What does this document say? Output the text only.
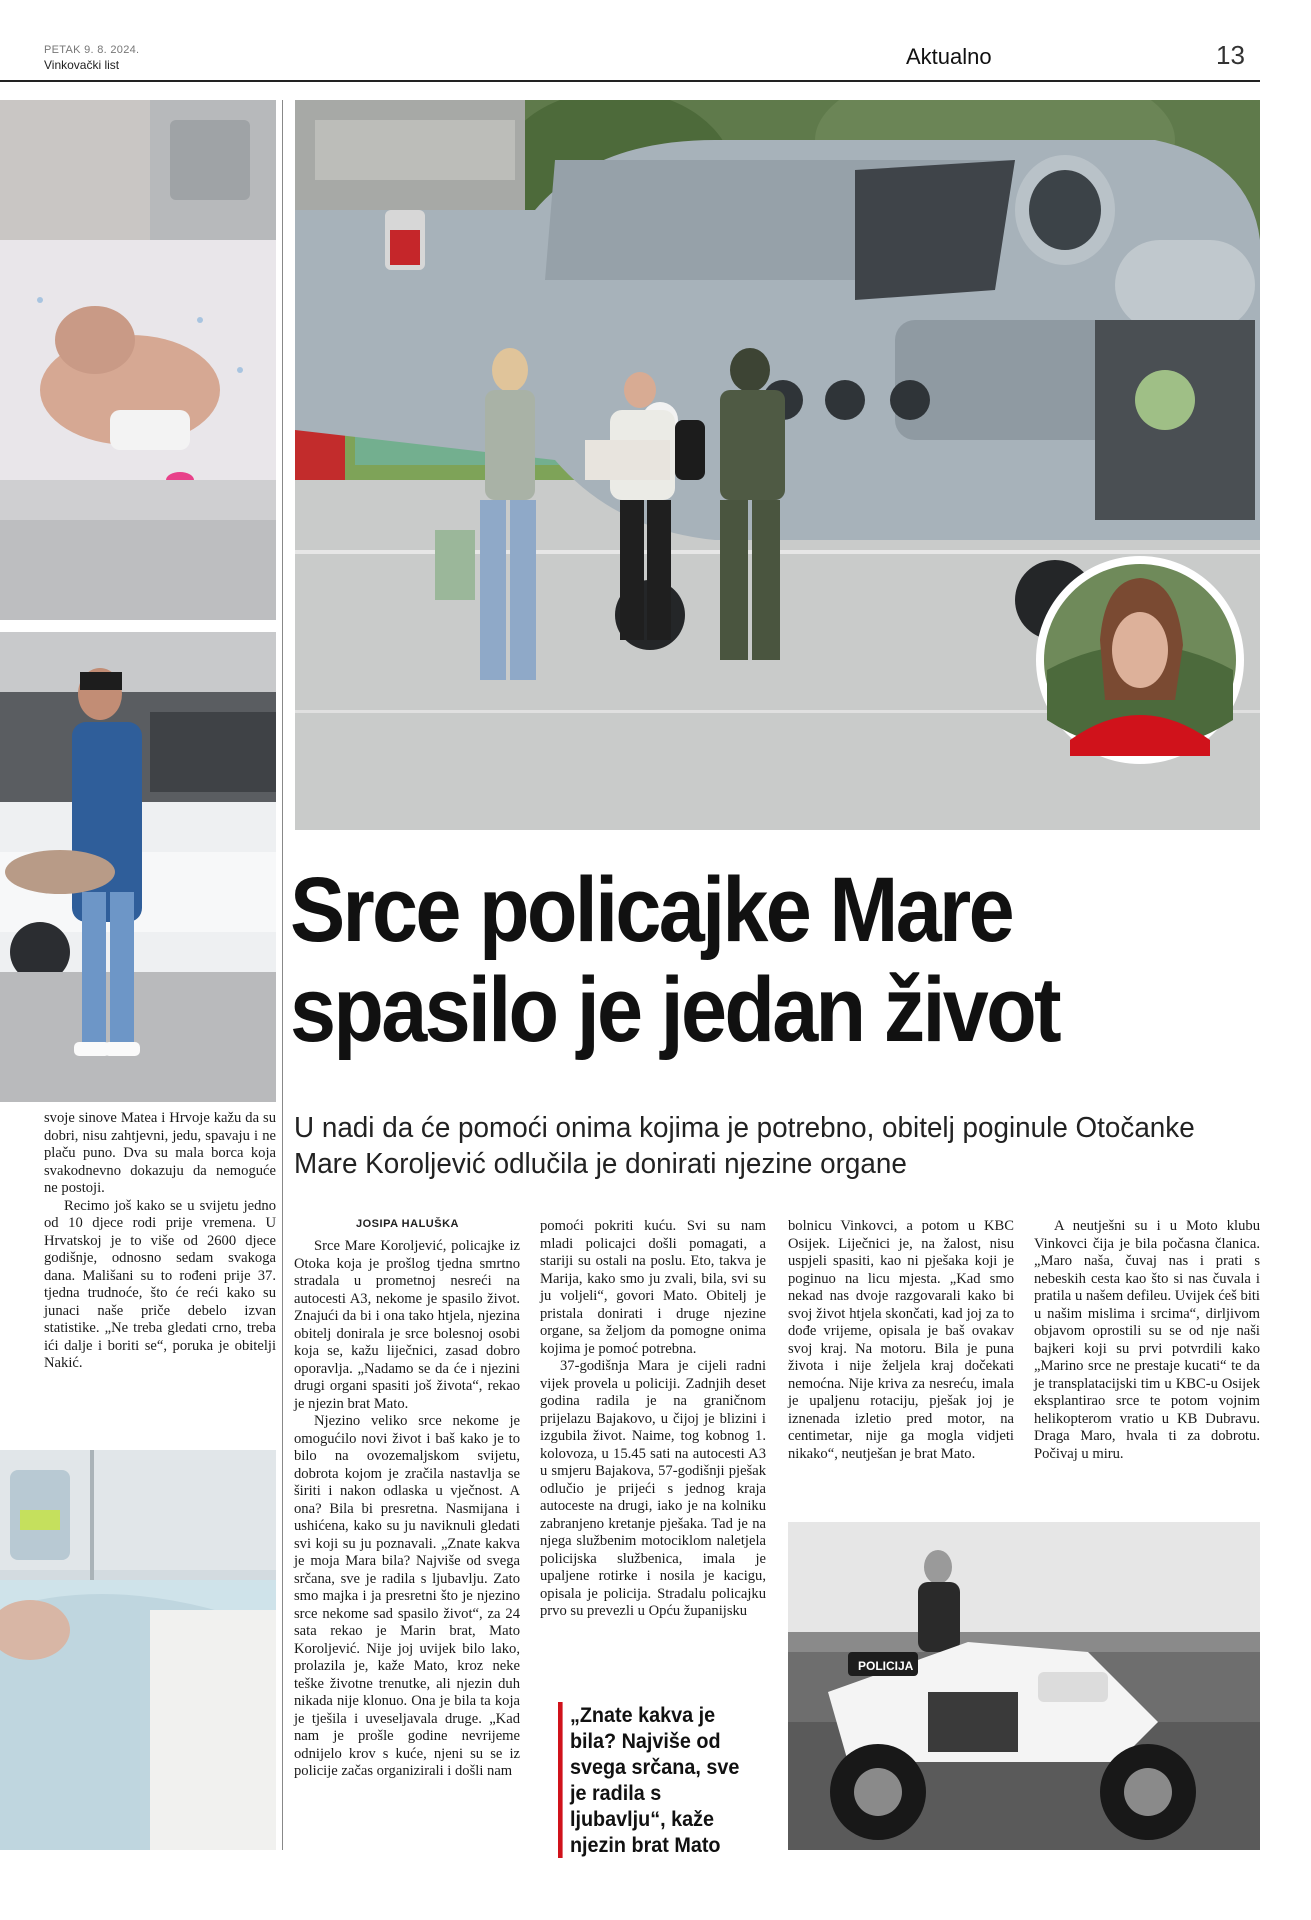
PETAK 9. 8. 2024.
Vinkovački list	Aktualno	13

svoje sinove Matea i Hrvoje kažu da su dobri, nisu zahtjevni, jedu, spavaju i ne plaču puno. Dva su mala borca koja svakodnevno dokazuju da nemoguće ne postoji.

Recimo još kako se u svijetu jedno od 10 djece rodi prije vremena. U Hrvatskoj je to više od 2600 djece godišnje, odnosno sedam svakoga dana. Mališani su to rođeni prije 37. tjedna trudnoće, što će reći kako su junaci naše priče debelo izvan statistike. „Ne treba gledati crno, treba ići dalje i boriti se“, poruka je obitelji Nakić.

Srce policajke Mare
spasilo je jedan život
U nadi da će pomoći onima kojima je potrebno, obitelj poginule Otočanke Mare Koroljević odlučila je donirati njezine organe
JOSIPA HALUŠKA

Srce Mare Koroljević, policajke iz Otoka koja je prošlog tjedna smrtno stradala u prometnoj nesreći na autocesti A3, nekome je spasilo život. Znajući da bi i ona tako htjela, njezina obitelj donirala je srce bolesnoj osobi koja se, kažu liječnici, zasad dobro oporavlja. „Nadamo se da će i njezini drugi organi spasiti još života“, rekao je njezin brat Mato.

Njezino veliko srce nekome je omogućilo novi život i baš kako je to bilo na ovozemaljskom svijetu, dobrota kojom je zračila nastavlja se širiti i nakon odlaska u vječnost. A ona? Bila bi presretna. Nasmijana i ushićena, kako su ju naviknuli gledati svi koji su ju poznavali. „Znate kakva je moja Mara bila? Najviše od svega srčana, sve je radila s ljubavlju. Zato smo majka i ja presretni što je njezino srce nekome sad spasilo život“, za 24 sata rekao je Marin brat, Mato Koroljević. Nije joj uvijek bilo lako, prolazila je, kaže Mato, kroz neke teške životne trenutke, ali njezin duh nikada nije klonuo. Ona je bila ta koja je tješila i uveseljavala druge. „Kad nam je prošle godine nevrijeme odnijelo krov s kuće, njeni su se iz policije začas organizirali i došli nam

pomoći pokriti kuću. Svi su nam mladi policajci došli pomagati, a stariji su ostali na poslu. Eto, takva je Marija, kako smo ju zvali, bila, svi su ju voljeli“, govori Mato. Obitelj je pristala donirati i druge njezine organe, sa željom da pomogne onima kojima je pomoć potrebna.

37-godišnja Mara je cijeli radni vijek provela u policiji. Zadnjih deset godina radila je na graničnom prijelazu Bajakovo, u čijoj je blizini i izgubila život. Naime, tog kobnog 1. kolovoza, u 15.45 sati na autocesti A3 u smjeru Bajakova, 57-godišnji pješak odlučio je prijeći s jednog kraja autoceste na drugi, iako je na kolniku zabranjeno kretanje pješaka. Tad je na njega službenim motociklom naletjela policijska službenica, imala je upaljene rotirke i nosila je kacigu, opisala je policija. Stradalu policajku prvo su prevezli u Opću županijsku

bolnicu Vinkovci, a potom u KBC Osijek. Liječnici je, na žalost, nisu uspjeli spasiti, kao ni pješaka koji je poginuo na licu mjesta. „Kad smo nekad nas dvoje razgovarali kako bi svoj život htjela skončati, kad joj za to dođe vrijeme, opisala je baš ovakav svoj kraj. Na motoru. Bila je puna života i nije željela kraj dočekati nemoćna. Nije kriva za nesreću, imala je upaljenu rotaciju, pješak joj je iznenada izletio pred motor, na centimetar, nije ga mogla vidjeti nikako“, neutješan je brat Mato.

A neutješni su i u Moto klubu Vinkovci čija je bila počasna članica. „Maro naša, čuvaj nas i prati s nebeskih cesta kao što si nas čuvala i pratila u našem defileu. Uvijek ćeš biti u našim mislima i srcima“, dirljivom objavom oprostili su se od nje naši bajkeri koji su prvi potvrdili kako „Marino srce ne prestaje kucati“ te da je transplatacijski tim u KBC-u Osijek eksplantirao srce te potom vojnim helikopterom vratio u KB Dubravu. Draga Maro, hvala ti za dobrotu. Počivaj u miru.

„Znate kakva je bila? Najviše od svega srčana, sve je radila s ljubavlju“, kaže njezin brat Mato
POLICIJA
